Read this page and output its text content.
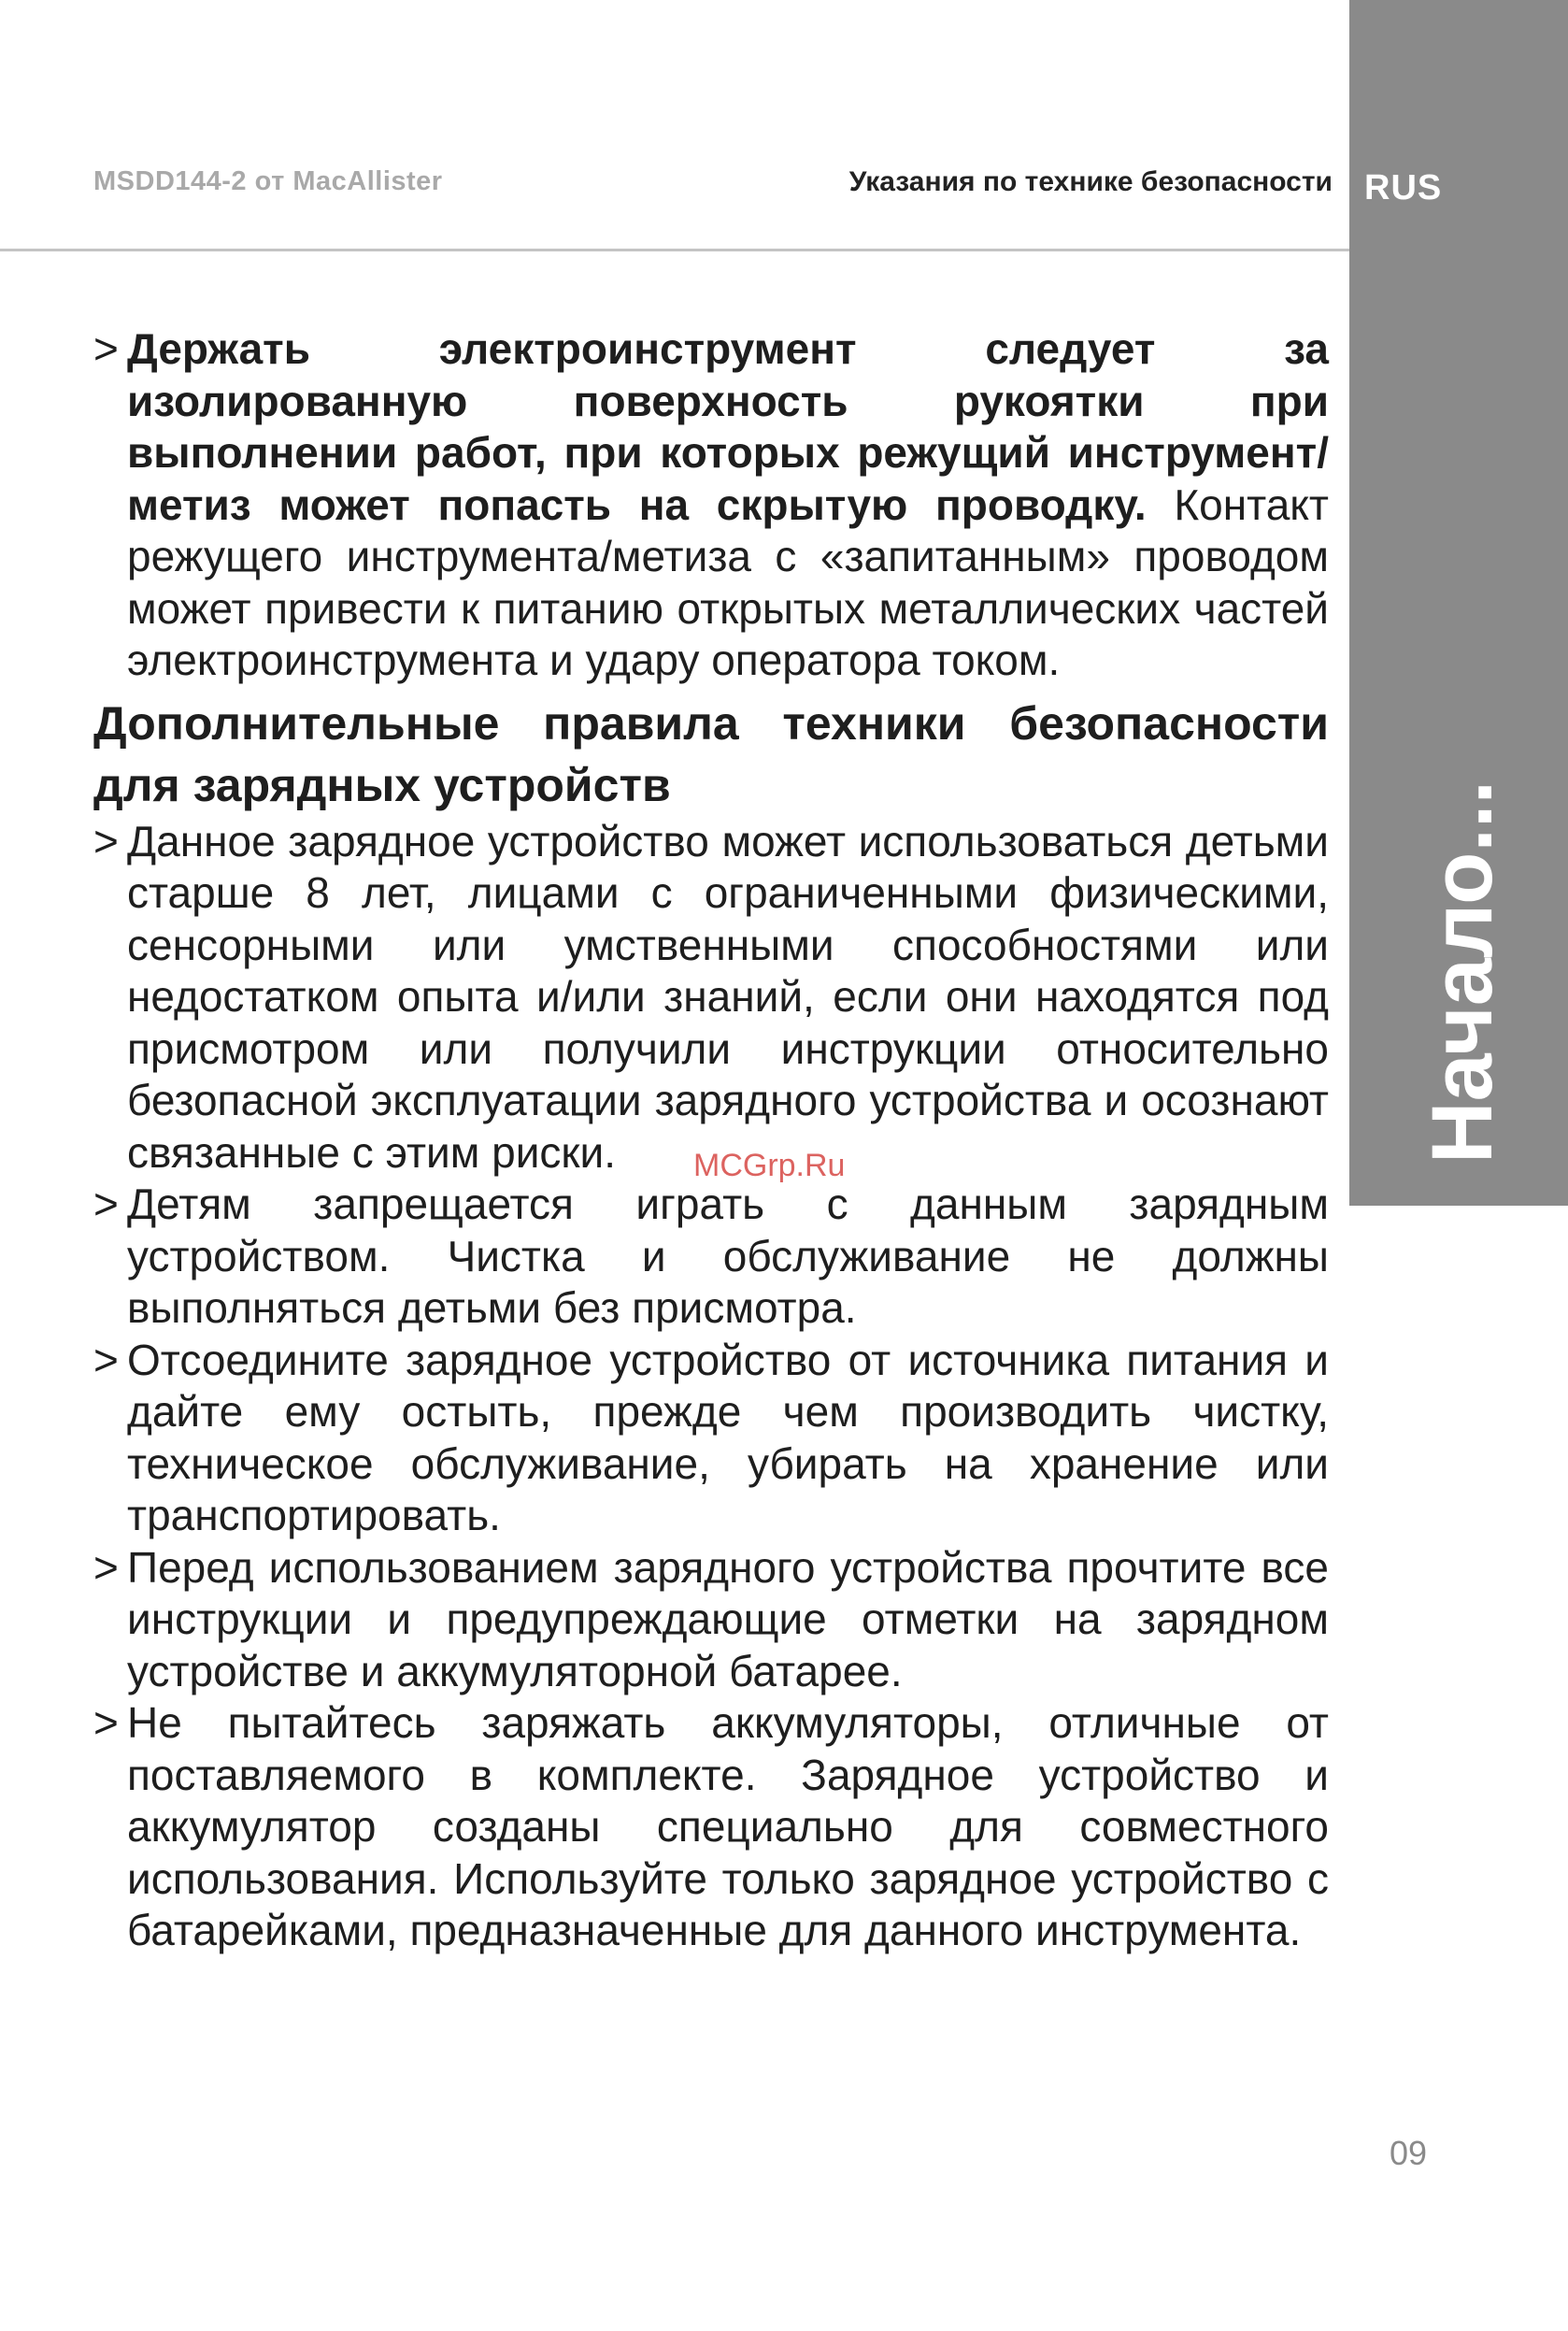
MSDD144-2 от MacAllister	Указания по технике безопасности RUS
Начало...
> Держать электроинструмент следует за изолированную поверхность рукоятки при выполнении работ, при которых режущий инструмент/метиз может попасть на скрытую проводку. Контакт режущего инструмента/метиза с «запитанным» проводом может привести к питанию открытых металлических частей электроинструмента и удару оператора током.
Дополнительные правила техники безопасности для зарядных устройств
> Данное зарядное устройство может использоваться детьми старше 8 лет, лицами с ограниченными физическими, сенсорными или умственными способностями или недостатком опыта и/или знаний, если они находятся под присмотром или получили инструкции относительно безопасной эксплуатации зарядного устройства и осознают связанные с этим риски.
> Детям запрещается играть с данным зарядным устройством. Чистка и обслуживание не должны выполняться детьми без присмотра.
> Отсоедините зарядное устройство от источника питания и дайте ему остыть, прежде чем производить чистку, техническое обслуживание, убирать на хранение или транспортировать.
> Перед использованием зарядного устройства прочтите все инструкции и предупреждающие отметки на зарядном устройстве и аккумуляторной батарее.
> Не пытайтесь заряжать аккумуляторы, отличные от поставляемого в комплекте. Зарядное устройство и аккумулятор созданы специально для совместного использования. Используйте только зарядное устройство с батарейками, предназначенные для данного инструмента.
MCGrp.Ru
09
